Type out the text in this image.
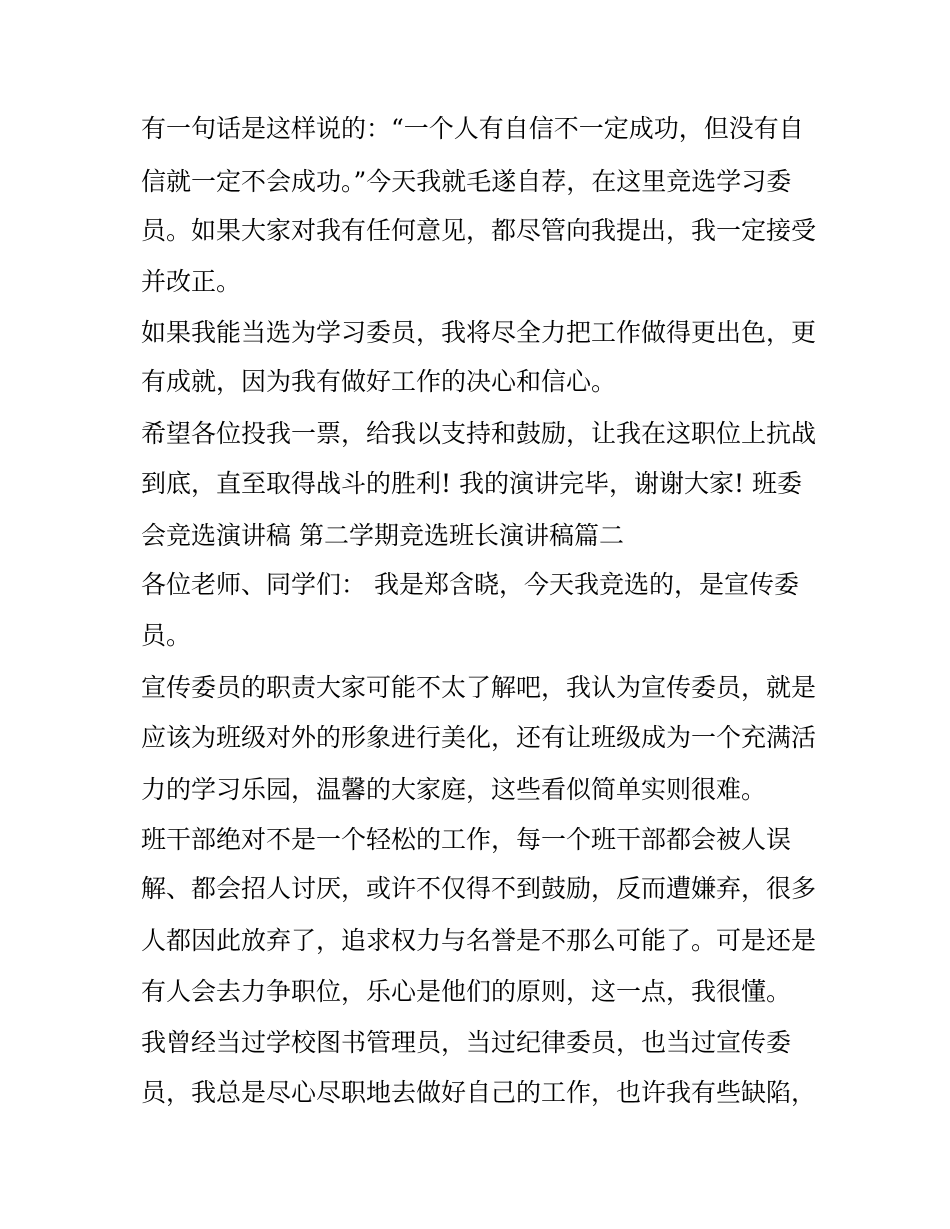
有一句话是这样说的：“一个人有自信不一定成功，但没有自
信就一定不会成功。”今天我就毛遂自荐，在这里竞选学习委
员。如果大家对我有任何意见，都尽管向我提出，我一定接受
并改正。
如果我能当选为学习委员，我将尽全力把工作做得更出色，更
有成就，因为我有做好工作的决心和信心。
希望各位投我一票，给我以支持和鼓励，让我在这职位上抗战
到底，直至取得战斗的胜利! 我的演讲完毕，谢谢大家! 班委
会竞选演讲稿 第二学期竞选班长演讲稿篇二
各位老师、同学们： 我是郑含晓，今天我竞选的，是宣传委
员。
宣传委员的职责大家可能不太了解吧，我认为宣传委员，就是
应该为班级对外的形象进行美化，还有让班级成为一个充满活
力的学习乐园，温馨的大家庭，这些看似简单实则很难。
班干部绝对不是一个轻松的工作，每一个班干部都会被人误
解、都会招人讨厌，或许不仅得不到鼓励，反而遭嫌弃，很多
人都因此放弃了，追求权力与名誉是不那么可能了。可是还是
有人会去力争职位，乐心是他们的原则，这一点，我很懂。
我曾经当过学校图书管理员，当过纪律委员，也当过宣传委
员，我总是尽心尽职地去做好自己的工作，也许我有些缺陷，
